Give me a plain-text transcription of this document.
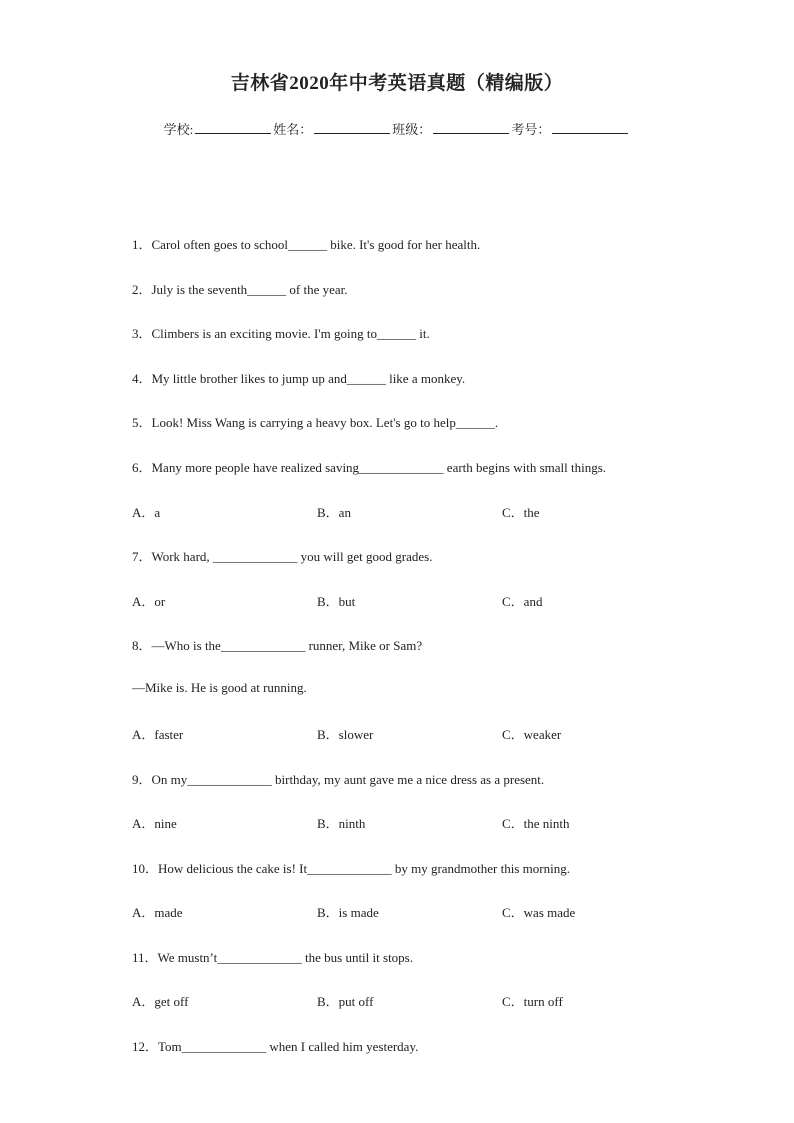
吉林省2020年中考英语真题（精编版）
学校:	姓名：	班级：	考号：
1．Carol often goes to school______ bike. It's good for her health.
2．July is the seventh______ of the year.
3．Climbers is an exciting movie. I'm going to______ it.
4．My little brother likes to jump up and______ like a monkey.
5．Look! Miss Wang is carrying a heavy box. Let's go to help______.
6．Many more people have realized saving_____________ earth begins with small things.
A．a	B．an	C．the
7．Work hard, _____________ you will get good grades.
A．or	B．but	C．and
8．—Who is the_____________ runner, Mike or Sam?
—Mike is. He is good at running.
A．faster	B．slower	C．weaker
9．On my_____________ birthday, my aunt gave me a nice dress as a present.
A．nine	B．ninth	C．the ninth
10．How delicious the cake is! It_____________ by my grandmother this morning.
A．made	B．is made	C．was made
11．We mustn’t_____________ the bus until it stops.
A．get off	B．put off	C．turn off
12．Tom_____________ when I called him yesterday.
